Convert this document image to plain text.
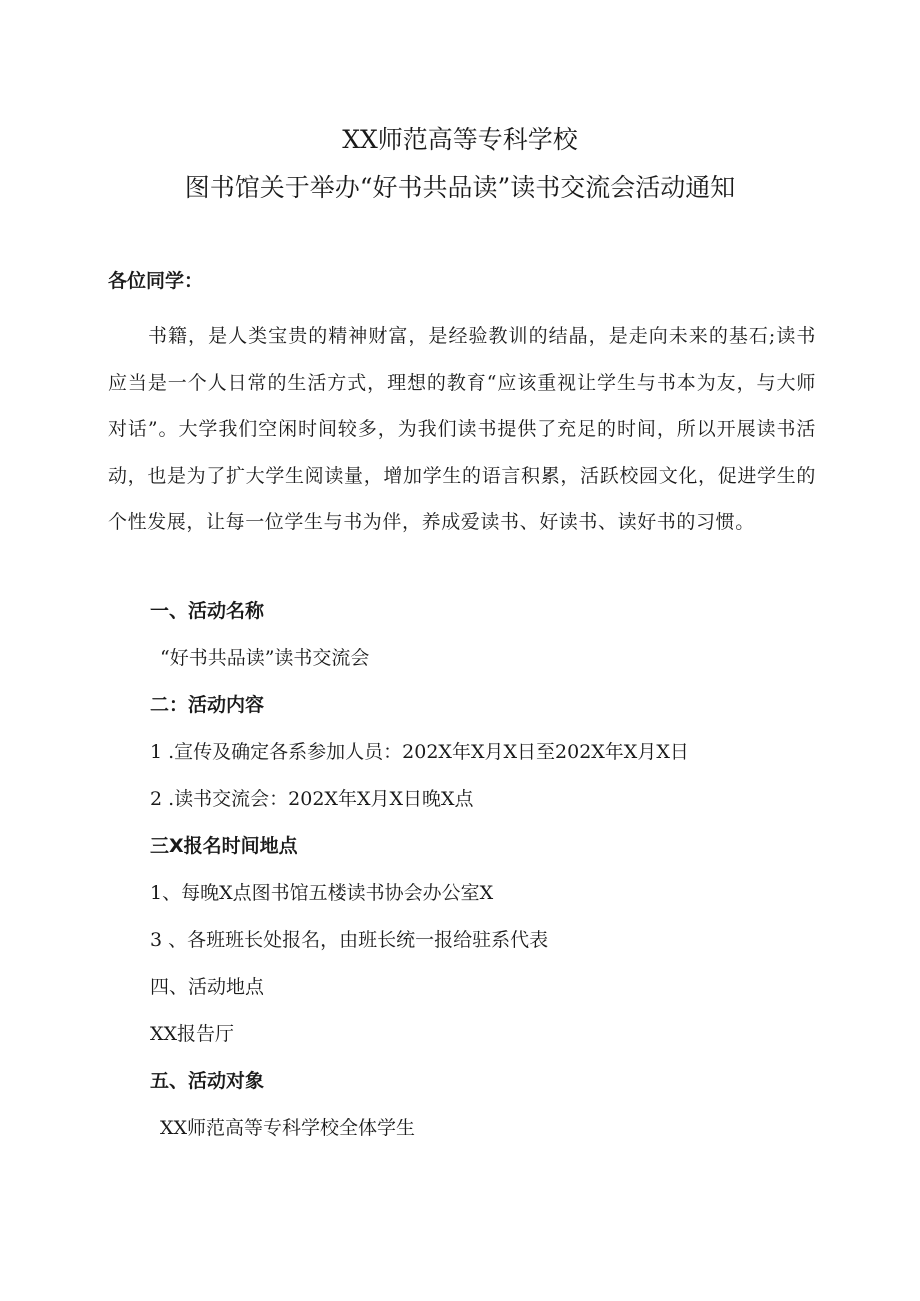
XX师范高等专科学校
图书馆关于举办“好书共品读”读书交流会活动通知
各位同学：
书籍，是人类宝贵的精神财富，是经验教训的结晶，是走向未来的基石;读书应当是一个人日常的生活方式，理想的教育“应该重视让学生与书本为友，与大师对话”。大学我们空闲时间较多，为我们读书提供了充足的时间，所以开展读书活动，也是为了扩大学生阅读量，增加学生的语言积累，活跃校园文化，促进学生的个性发展，让每一位学生与书为伴，养成爱读书、好读书、读好书的习惯。
一、活动名称
“好书共品读”读书交流会
二：活动内容
1 .宣传及确定各系参加人员：202X年X月X日至202X年X月X日
2 .读书交流会：202X年X月X日晚X点
三X报名时间地点
1、每晚X点图书馆五楼读书协会办公室X
3 、各班班长处报名，由班长统一报给驻系代表
四、活动地点
XX报告厅
五、活动对象
XX师范高等专科学校全体学生
